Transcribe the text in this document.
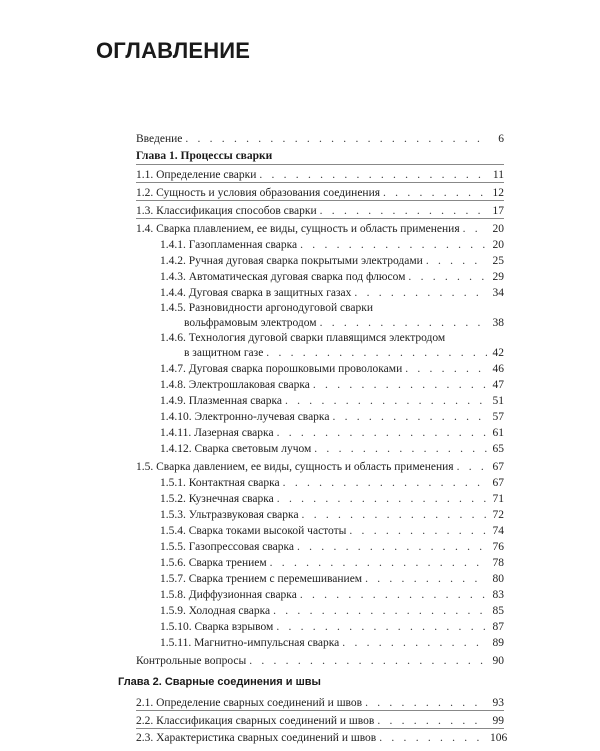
ОГЛАВЛЕНИЕ
Введение . . .	6
Глава 1. Процессы сварки
1.1. Определение сварки . . .	11
1.2. Сущность и условия образования соединения . . .	12
1.3. Классификация способов сварки . . .	17
1.4. Сварка плавлением, ее виды, сущность и область применения . . .	20
1.4.1. Газопламенная сварка . . .	20
1.4.2. Ручная дуговая сварка покрытыми электродами . . .	25
1.4.3. Автоматическая дуговая сварка под флюсом . . .	29
1.4.4. Дуговая сварка в защитных газах . . .	34
1.4.5. Разновидности аргонодуговой сварки
вольфрамовым электродом . . .	38
1.4.6. Технология дуговой сварки плавящимся электродом
в защитном газе . . .	42
1.4.7. Дуговая сварка порошковыми проволоками . . .	46
1.4.8. Электрошлаковая сварка . . .	47
1.4.9. Плазменная сварка . . .	51
1.4.10. Электронно-лучевая сварка . . .	57
1.4.11. Лазерная сварка . . .	61
1.4.12. Сварка световым лучом . . .	65
1.5. Сварка давлением, ее виды, сущность и область применения . . .	67
1.5.1. Контактная сварка . . .	67
1.5.2. Кузнечная сварка . . .	71
1.5.3. Ультразвуковая сварка . . .	72
1.5.4. Сварка токами высокой частоты . . .	74
1.5.5. Газопрессовая сварка . . .	76
1.5.6. Сварка трением . . .	78
1.5.7. Сварка трением с перемешиванием . . .	80
1.5.8. Диффузионная сварка . . .	83
1.5.9. Холодная сварка . . .	85
1.5.10. Сварка взрывом . . .	87
1.5.11. Магнитно-импульсная сварка . . .	89
Контрольные вопросы . . .	90
Глава 2. Сварные соединения и швы
2.1. Определение сварных соединений и швов . . .	93
2.2. Классификация сварных соединений и швов . . .	99
2.3. Характеристика сварных соединений и швов . . .	106
